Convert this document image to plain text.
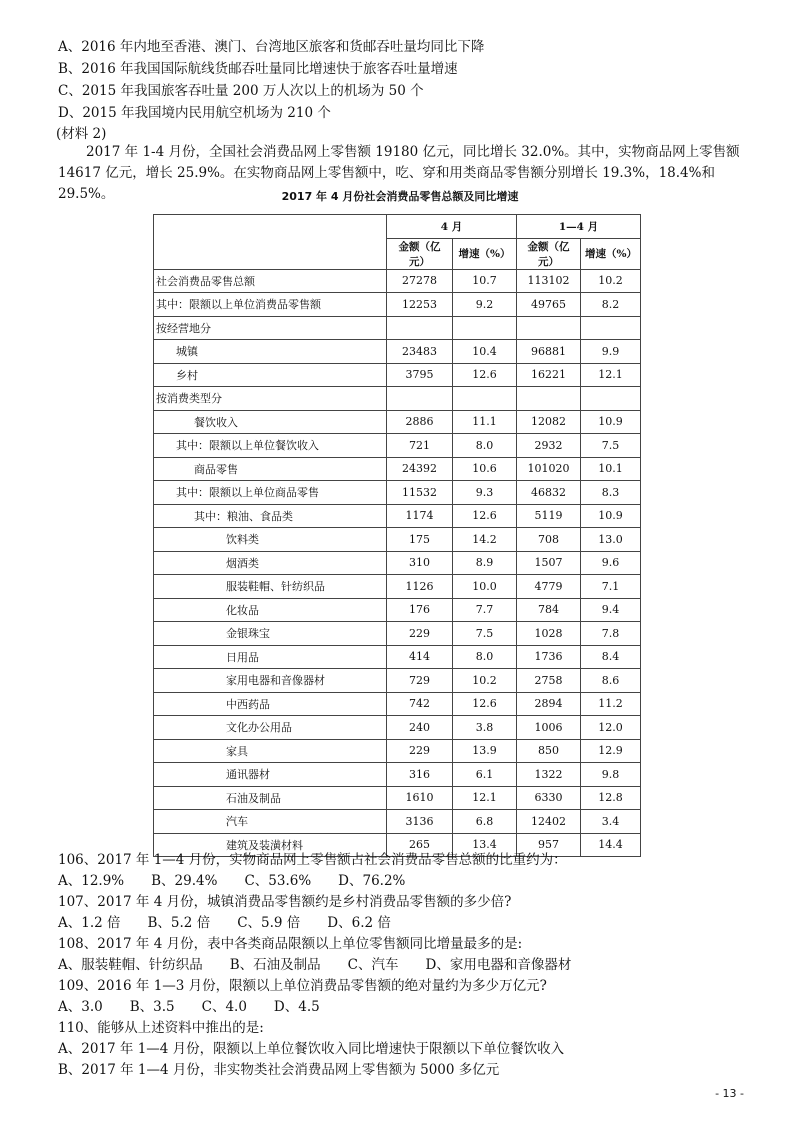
A、2016 年内地至香港、澳门、台湾地区旅客和货邮吞吐量均同比下降
B、2016 年我国国际航线货邮吞吐量同比增速快于旅客吞吐量增速
C、2015 年我国旅客吞吐量 200 万人次以上的机场为 50 个
D、2015 年我国境内民用航空机场为 210 个
(材料 2)
2017 年 1-4 月份，全国社会消费品网上零售额 19180 亿元，同比增长 32.0%。其中，实物商品网上零售额 14617 亿元，增长 25.9%。在实物商品网上零售额中，吃、穿和用类商品零售额分别增长 19.3%，18.4%和 29.5%。	2017 年 4 月份社会消费品零售总额及同比增速
	4 月		1—4 月	
	金额（亿元）	增速（%）	金额（亿元）	增速（%）
社会消费品零售总额	27278	10.7	113102	10.2
其中：限额以上单位消费品零售额	12253	9.2	49765	8.2
按经营地分				
城镇	23483	10.4	96881	9.9
乡村	3795	12.6	16221	12.1
按消费类型分				
餐饮收入	2886	11.1	12082	10.9
其中：限额以上单位餐饮收入	721	8.0	2932	7.5
商品零售	24392	10.6	101020	10.1
其中：限额以上单位商品零售	11532	9.3	46832	8.3
其中：粮油、食品类	1174	12.6	5119	10.9
饮料类	175	14.2	708	13.0
烟酒类	310	8.9	1507	9.6
服装鞋帽、针纺织品	1126	10.0	4779	7.1
化妆品	176	7.7	784	9.4
金银珠宝	229	7.5	1028	7.8
日用品	414	8.0	1736	8.4
家用电器和音像器材	729	10.2	2758	8.6
中西药品	742	12.6	2894	11.2
文化办公用品	240	3.8	1006	12.0
家具	229	13.9	850	12.9
通讯器材	316	6.1	1322	9.8
石油及制品	1610	12.1	6330	12.8
汽车	3136	6.8	12402	3.4
建筑及装潢材料	265	13.4	957	14.4
106、2017 年 1—4 月份，实物商品网上零售额占社会消费品零售总额的比重约为：
A、12.9%　　B、29.4%　　C、53.6%　　D、76.2%
107、2017 年 4 月份，城镇消费品零售额约是乡村消费品零售额的多少倍?
A、1.2 倍　　B、5.2 倍　　C、5.9 倍　　D、6.2 倍
108、2017 年 4 月份，表中各类商品限额以上单位零售额同比增量最多的是:
A、服装鞋帽、针纺织品　　B、石油及制品　　C、汽车　　D、家用电器和音像器材
109、2016 年 1—3 月份，限额以上单位消费品零售额的绝对量约为多少万亿元?
A、3.0　　B、3.5　　C、4.0　　D、4.5
110、能够从上述资料中推出的是:
A、2017 年 1—4 月份，限额以上单位餐饮收入同比增速快于限额以下单位餐饮收入
B、2017 年 1—4 月份，非实物类社会消费品网上零售额为 5000 多亿元
- 13 -
